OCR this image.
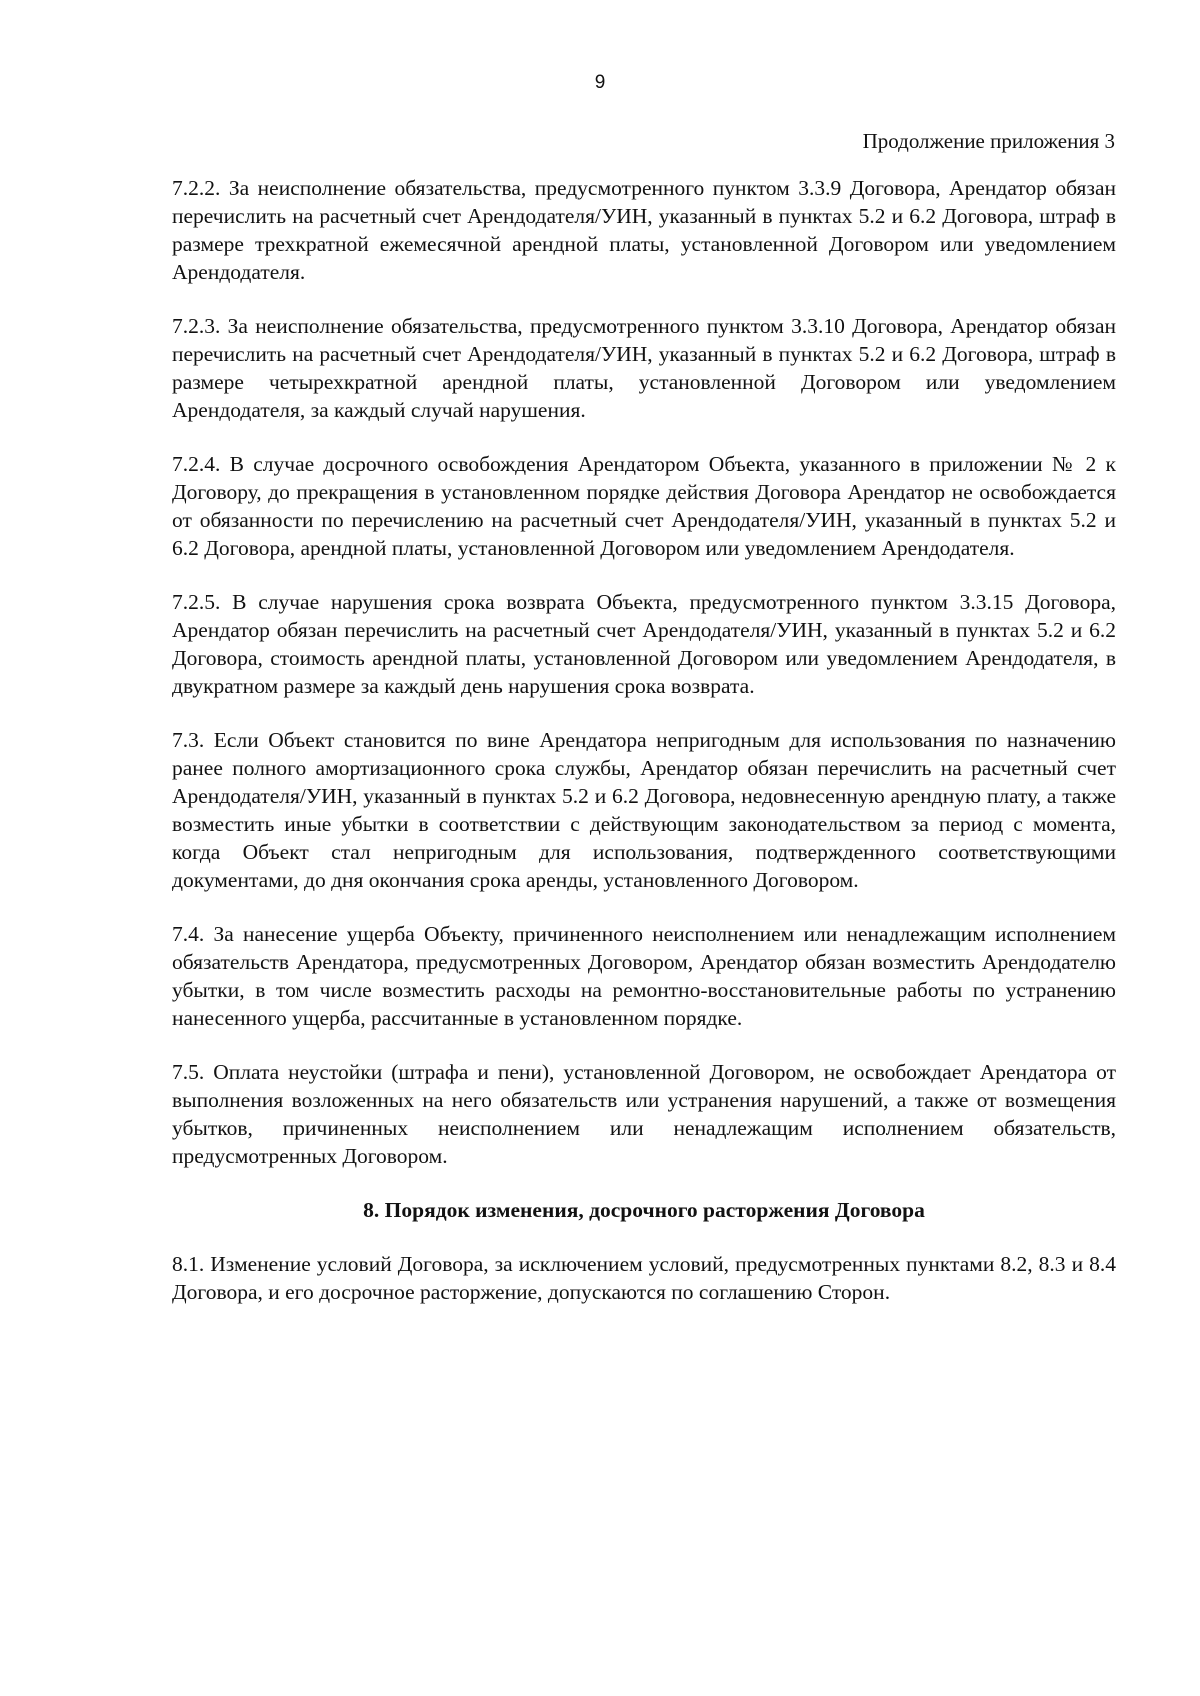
9
Продолжение приложения 3

7.2.2. За неисполнение обязательства, предусмотренного пунктом 3.3.9 Договора, Арендатор обязан перечислить на расчетный счет Арендодателя/УИН, указанный в пунктах 5.2 и 6.2 Договора, штраф в размере трехкратной ежемесячной арендной платы, установленной Договором или уведомлением Арендодателя.

7.2.3. За неисполнение обязательства, предусмотренного пунктом 3.3.10 Договора, Арендатор обязан перечислить на расчетный счет Арендодателя/УИН, указанный в пунктах 5.2 и 6.2 Договора, штраф в размере четырехкратной арендной платы, установленной Договором или уведомлением Арендодателя, за каждый случай нарушения.

7.2.4. В случае досрочного освобождения Арендатором Объекта, указанного в приложении № 2 к Договору, до прекращения в установленном порядке действия Договора Арендатор не освобождается от обязанности по перечислению на расчетный счет Арендодателя/УИН, указанный в пунктах 5.2 и 6.2 Договора, арендной платы, установленной Договором или уведомлением Арендодателя.

7.2.5. В случае нарушения срока возврата Объекта, предусмотренного пунктом 3.3.15 Договора, Арендатор обязан перечислить на расчетный счет Арендодателя/УИН, указанный в пунктах 5.2 и 6.2 Договора, стоимость арендной платы, установленной Договором или уведомлением Арендодателя, в двукратном размере за каждый день нарушения срока возврата.

7.3. Если Объект становится по вине Арендатора непригодным для использования по назначению ранее полного амортизационного срока службы, Арендатор обязан перечислить на расчетный счет Арендодателя/УИН, указанный в пунктах 5.2 и 6.2 Договора, недовнесенную арендную плату, а также возместить иные убытки в соответствии с действующим законодательством за период с момента, когда Объект стал непригодным для использования, подтвержденного соответствующими документами, до дня окончания срока аренды, установленного Договором.

7.4. За нанесение ущерба Объекту, причиненного неисполнением или ненадлежащим исполнением обязательств Арендатора, предусмотренных Договором, Арендатор обязан возместить Арендодателю убытки, в том числе возместить расходы на ремонтно-восстановительные работы по устранению нанесенного ущерба, рассчитанные в установленном порядке.

7.5. Оплата неустойки (штрафа и пени), установленной Договором, не освобождает Арендатора от выполнения возложенных на него обязательств или устранения нарушений, а также от возмещения убытков, причиненных неисполнением или ненадлежащим исполнением обязательств, предусмотренных Договором.

8. Порядок изменения, досрочного расторжения Договора

8.1. Изменение условий Договора, за исключением условий, предусмотренных пунктами 8.2, 8.3 и 8.4 Договора, и его досрочное расторжение, допускаются по соглашению Сторон.
